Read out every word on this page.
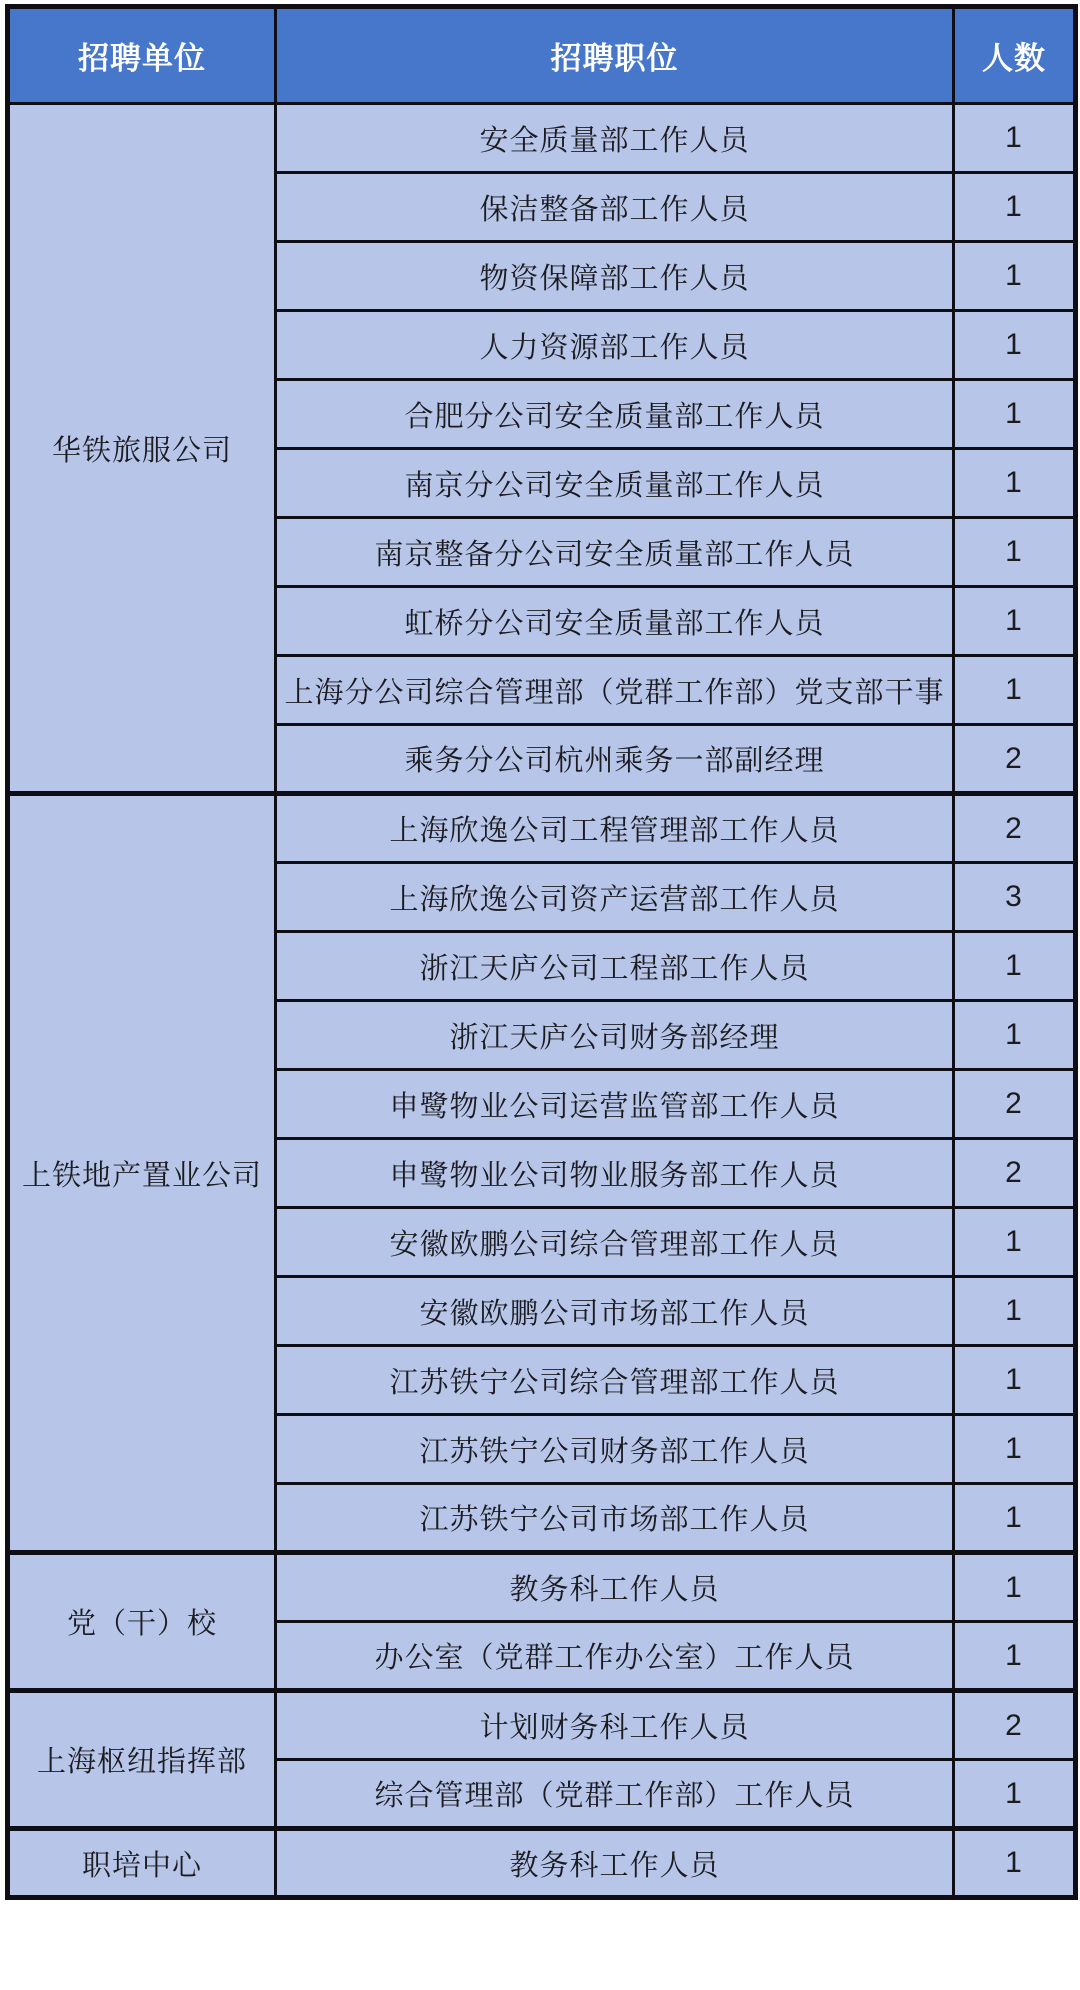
招聘单位	招聘职位	人数
华铁旅服公司	安全质量部工作人员	1
	保洁整备部工作人员	1
	物资保障部工作人员	1
	人力资源部工作人员	1
	合肥分公司安全质量部工作人员	1
	南京分公司安全质量部工作人员	1
	南京整备分公司安全质量部工作人员	1
	虹桥分公司安全质量部工作人员	1
	上海分公司综合管理部（党群工作部）党支部干事	1
	乘务分公司杭州乘务一部副经理	2
上铁地产置业公司	上海欣逸公司工程管理部工作人员	2
	上海欣逸公司资产运营部工作人员	3
	浙江天庐公司工程部工作人员	1
	浙江天庐公司财务部经理	1
	申鹭物业公司运营监管部工作人员	2
	申鹭物业公司物业服务部工作人员	2
	安徽欧鹏公司综合管理部工作人员	1
	安徽欧鹏公司市场部工作人员	1
	江苏铁宁公司综合管理部工作人员	1
	江苏铁宁公司财务部工作人员	1
	江苏铁宁公司市场部工作人员	1
党（干）校	教务科工作人员	1
	办公室（党群工作办公室）工作人员	1
上海枢纽指挥部	计划财务科工作人员	2
	综合管理部（党群工作部）工作人员	1
职培中心	教务科工作人员	1
